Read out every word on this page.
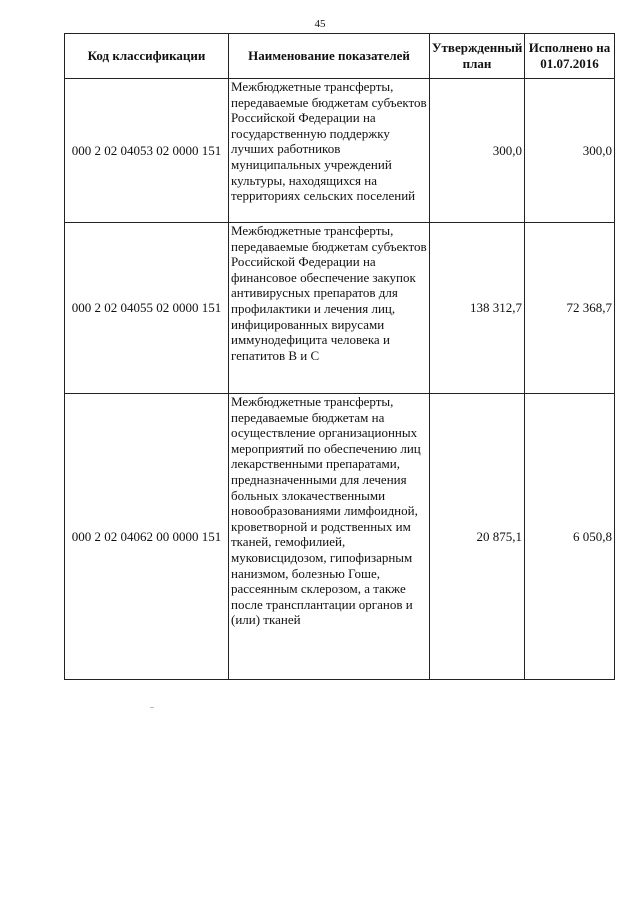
45
Код классификации	Наименование показателей	Утвержденный план	Исполнено на 01.07.2016
000 2 02 04053 02 0000 151	Межбюджетные трансферты, передаваемые бюджетам субъектов Российской Федерации на государственную поддержку лучших работников муниципальных учреждений культуры, находящихся на территориях сельских поселений	300,0	300,0
000 2 02 04055 02 0000 151	Межбюджетные трансферты, передаваемые бюджетам субъектов Российской Федерации на финансовое обеспечение закупок антивирусных препаратов для профилактики и лечения лиц, инфицированных вирусами иммунодефицита человека и гепатитов В и С	138 312,7	72 368,7
000 2 02 04062 00 0000 151	Межбюджетные трансферты, передаваемые бюджетам на осуществление организационных мероприятий по обеспечению лиц лекарственными препаратами, предназначенными для лечения больных злокачественными новообразованиями лимфоидной, кроветворной и родственных им тканей, гемофилией, муковисцидозом, гипофизарным нанизмом, болезнью Гоше, рассеянным склерозом, а также после трансплантации органов и (или) тканей	20 875,1	6 050,8
